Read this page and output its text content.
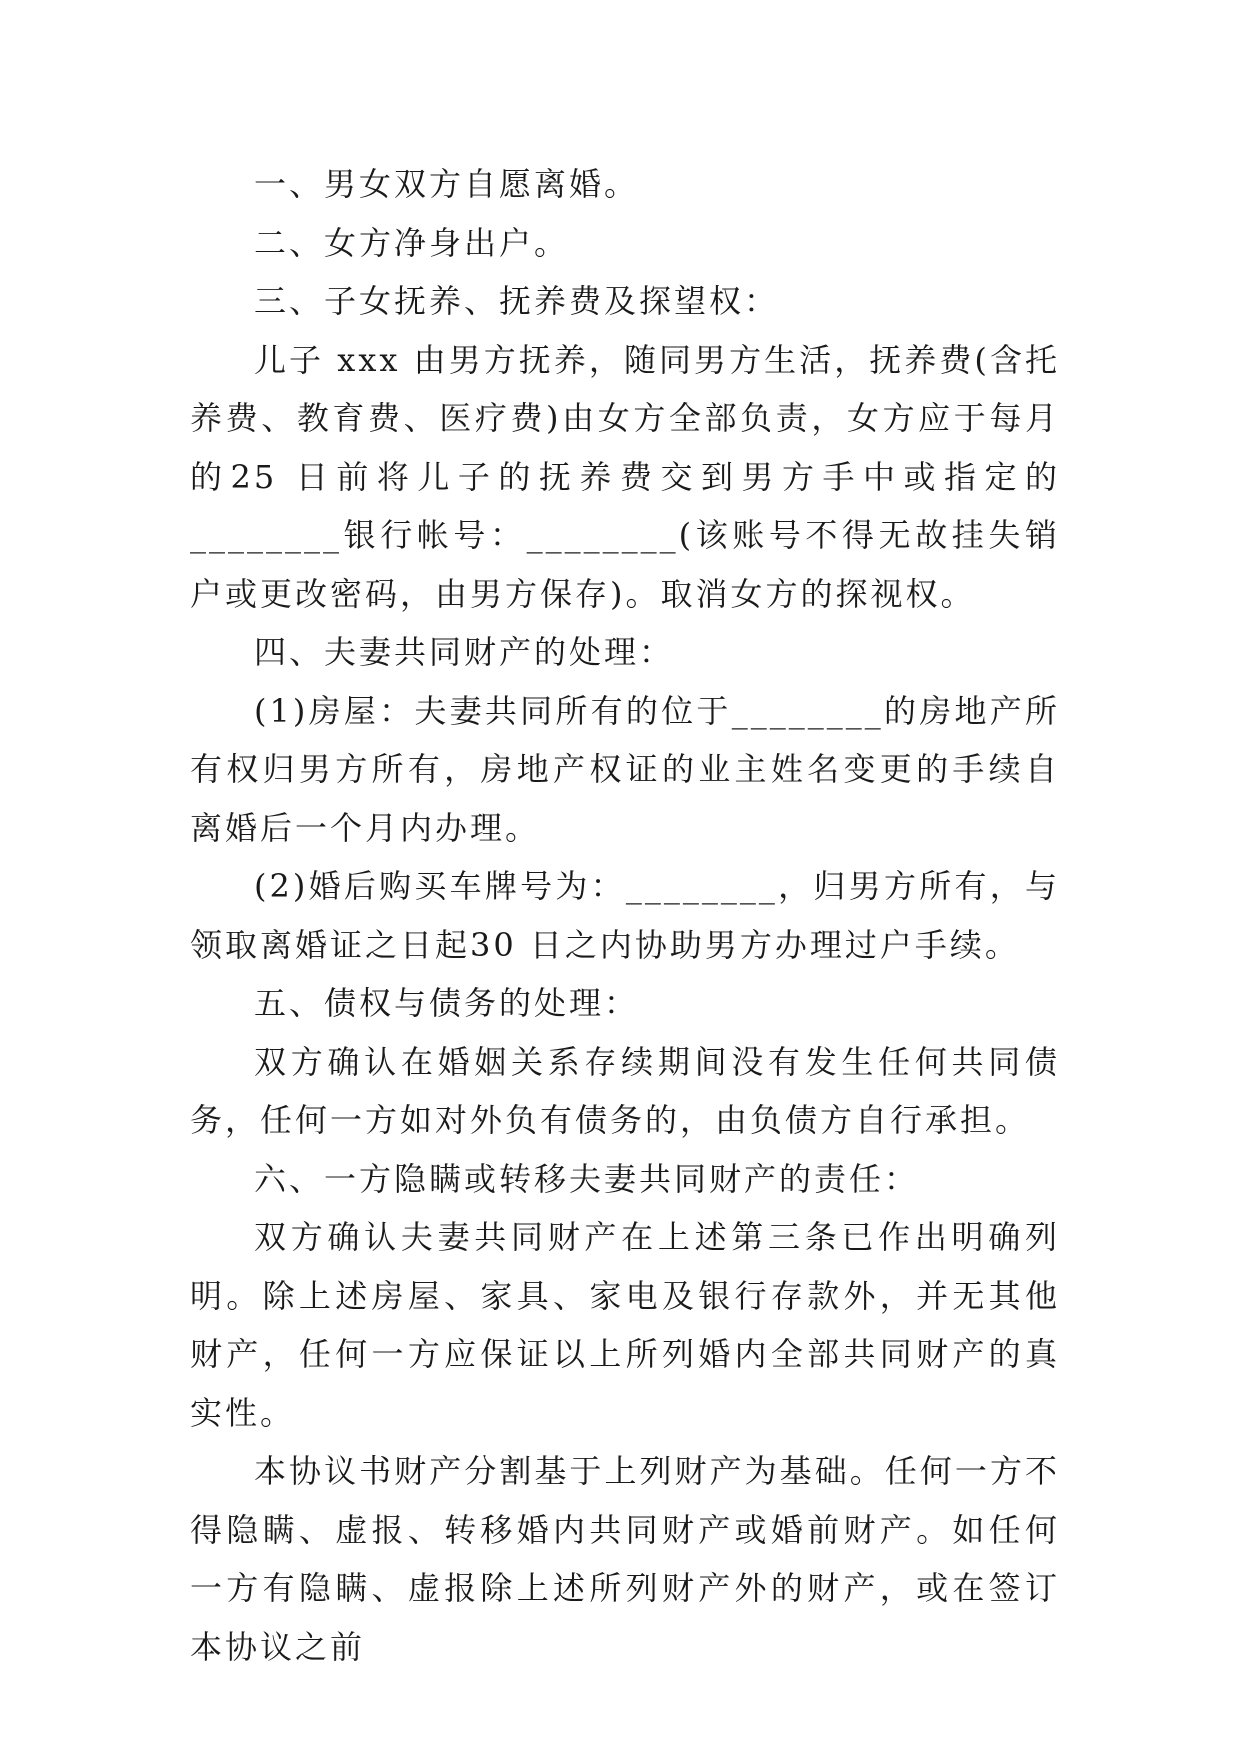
一、男女双方自愿离婚。

二、女方净身出户。

三、子女抚养、抚养费及探望权：

儿子 xxx 由男方抚养，随同男方生活，抚养费(含托养费、教育费、医疗费)由女方全部负责，女方应于每月的25 日前将儿子的抚养费交到男方手中或指定的________银行帐号：________(该账号不得无故挂失销户或更改密码，由男方保存)。取消女方的探视权。

四、夫妻共同财产的处理：

(1)房屋：夫妻共同所有的位于________的房地产所有权归男方所有，房地产权证的业主姓名变更的手续自离婚后一个月内办理。

(2)婚后购买车牌号为：________，归男方所有，与领取离婚证之日起30 日之内协助男方办理过户手续。

五、债权与债务的处理：

双方确认在婚姻关系存续期间没有发生任何共同债务，任何一方如对外负有债务的，由负债方自行承担。

六、一方隐瞒或转移夫妻共同财产的责任：

双方确认夫妻共同财产在上述第三条已作出明确列明。除上述房屋、家具、家电及银行存款外，并无其他财产，任何一方应保证以上所列婚内全部共同财产的真实性。

本协议书财产分割基于上列财产为基础。任何一方不得隐瞒、虚报、转移婚内共同财产或婚前财产。如任何一方有隐瞒、虚报除上述所列财产外的财产，或在签订本协议之前
